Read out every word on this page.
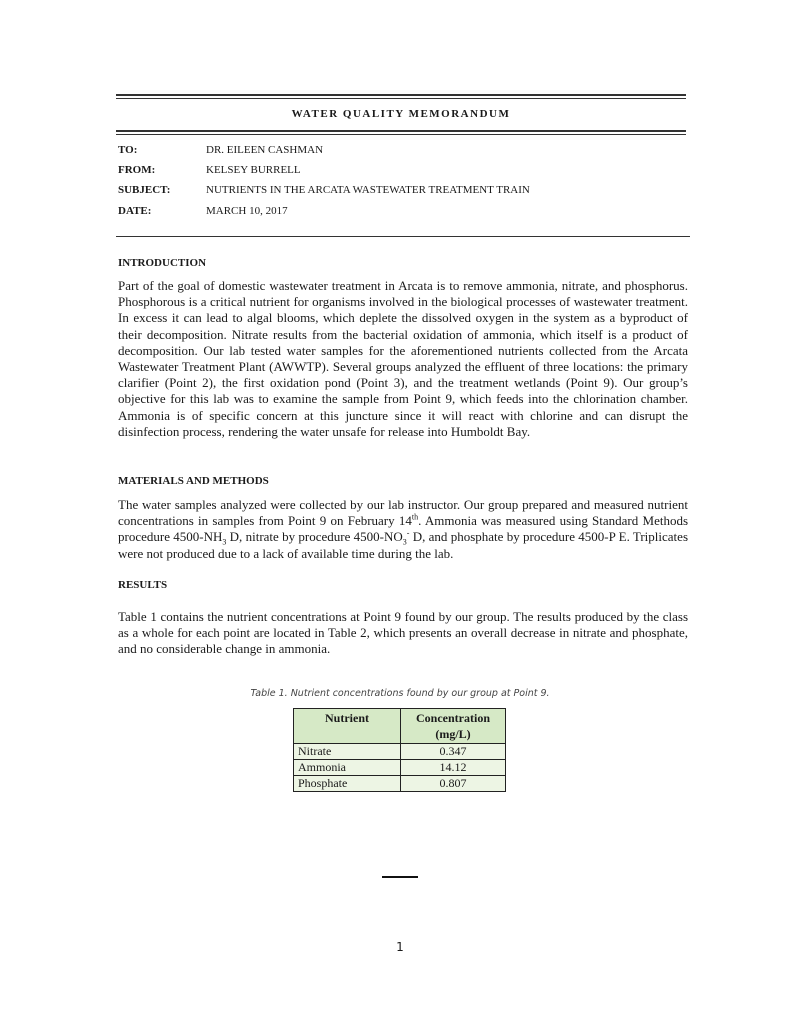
WATER QUALITY MEMORANDUM
TO:	DR. EILEEN CASHMAN
FROM:	KELSEY BURRELL
SUBJECT:	NUTRIENTS IN THE ARCATA WASTEWATER TREATMENT TRAIN
DATE:	MARCH 10, 2017
INTRODUCTION

Part of the goal of domestic wastewater treatment in Arcata is to remove ammonia, nitrate, and phosphorus. Phosphorous is a critical nutrient for organisms involved in the biological processes of wastewater treatment. In excess it can lead to algal blooms, which deplete the dissolved oxygen in the system as a byproduct of their decomposition. Nitrate results from the bacterial oxidation of ammonia, which itself is a product of decomposition. Our lab tested water samples for the aforementioned nutrients collected from the Arcata Wastewater Treatment Plant (AWWTP). Several groups analyzed the effluent of three locations: the primary clarifier (Point 2), the first oxidation pond (Point 3), and the treatment wetlands (Point 9). Our group’s objective for this lab was to examine the sample from Point 9, which feeds into the chlorination chamber. Ammonia is of specific concern at this juncture since it will react with chlorine and can disrupt the disinfection process, rendering the water unsafe for release into Humboldt Bay.

MATERIALS AND METHODS

The water samples analyzed were collected by our lab instructor. Our group prepared and measured nutrient concentrations in samples from Point 9 on February 14th. Ammonia was measured using Standard Methods procedure $4500-NH_3$ D, nitrate by procedure $4500-NO_3^-$ D, and phosphate by procedure 4500-P E. Triplicates were not produced due to a lack of available time during the lab.

RESULTS

Table 1 contains the nutrient concentrations at Point 9 found by our group. The results produced by the class as a whole for each point are located in Table 2, which presents an overall decrease in nitrate and phosphate, and no considerable change in ammonia.

Table 1. Nutrient concentrations found by our group at Point 9.
Nutrient	Concentration (mg/L)
Nitrate	0.347
Ammonia	14.12
Phosphate	0.807
1
